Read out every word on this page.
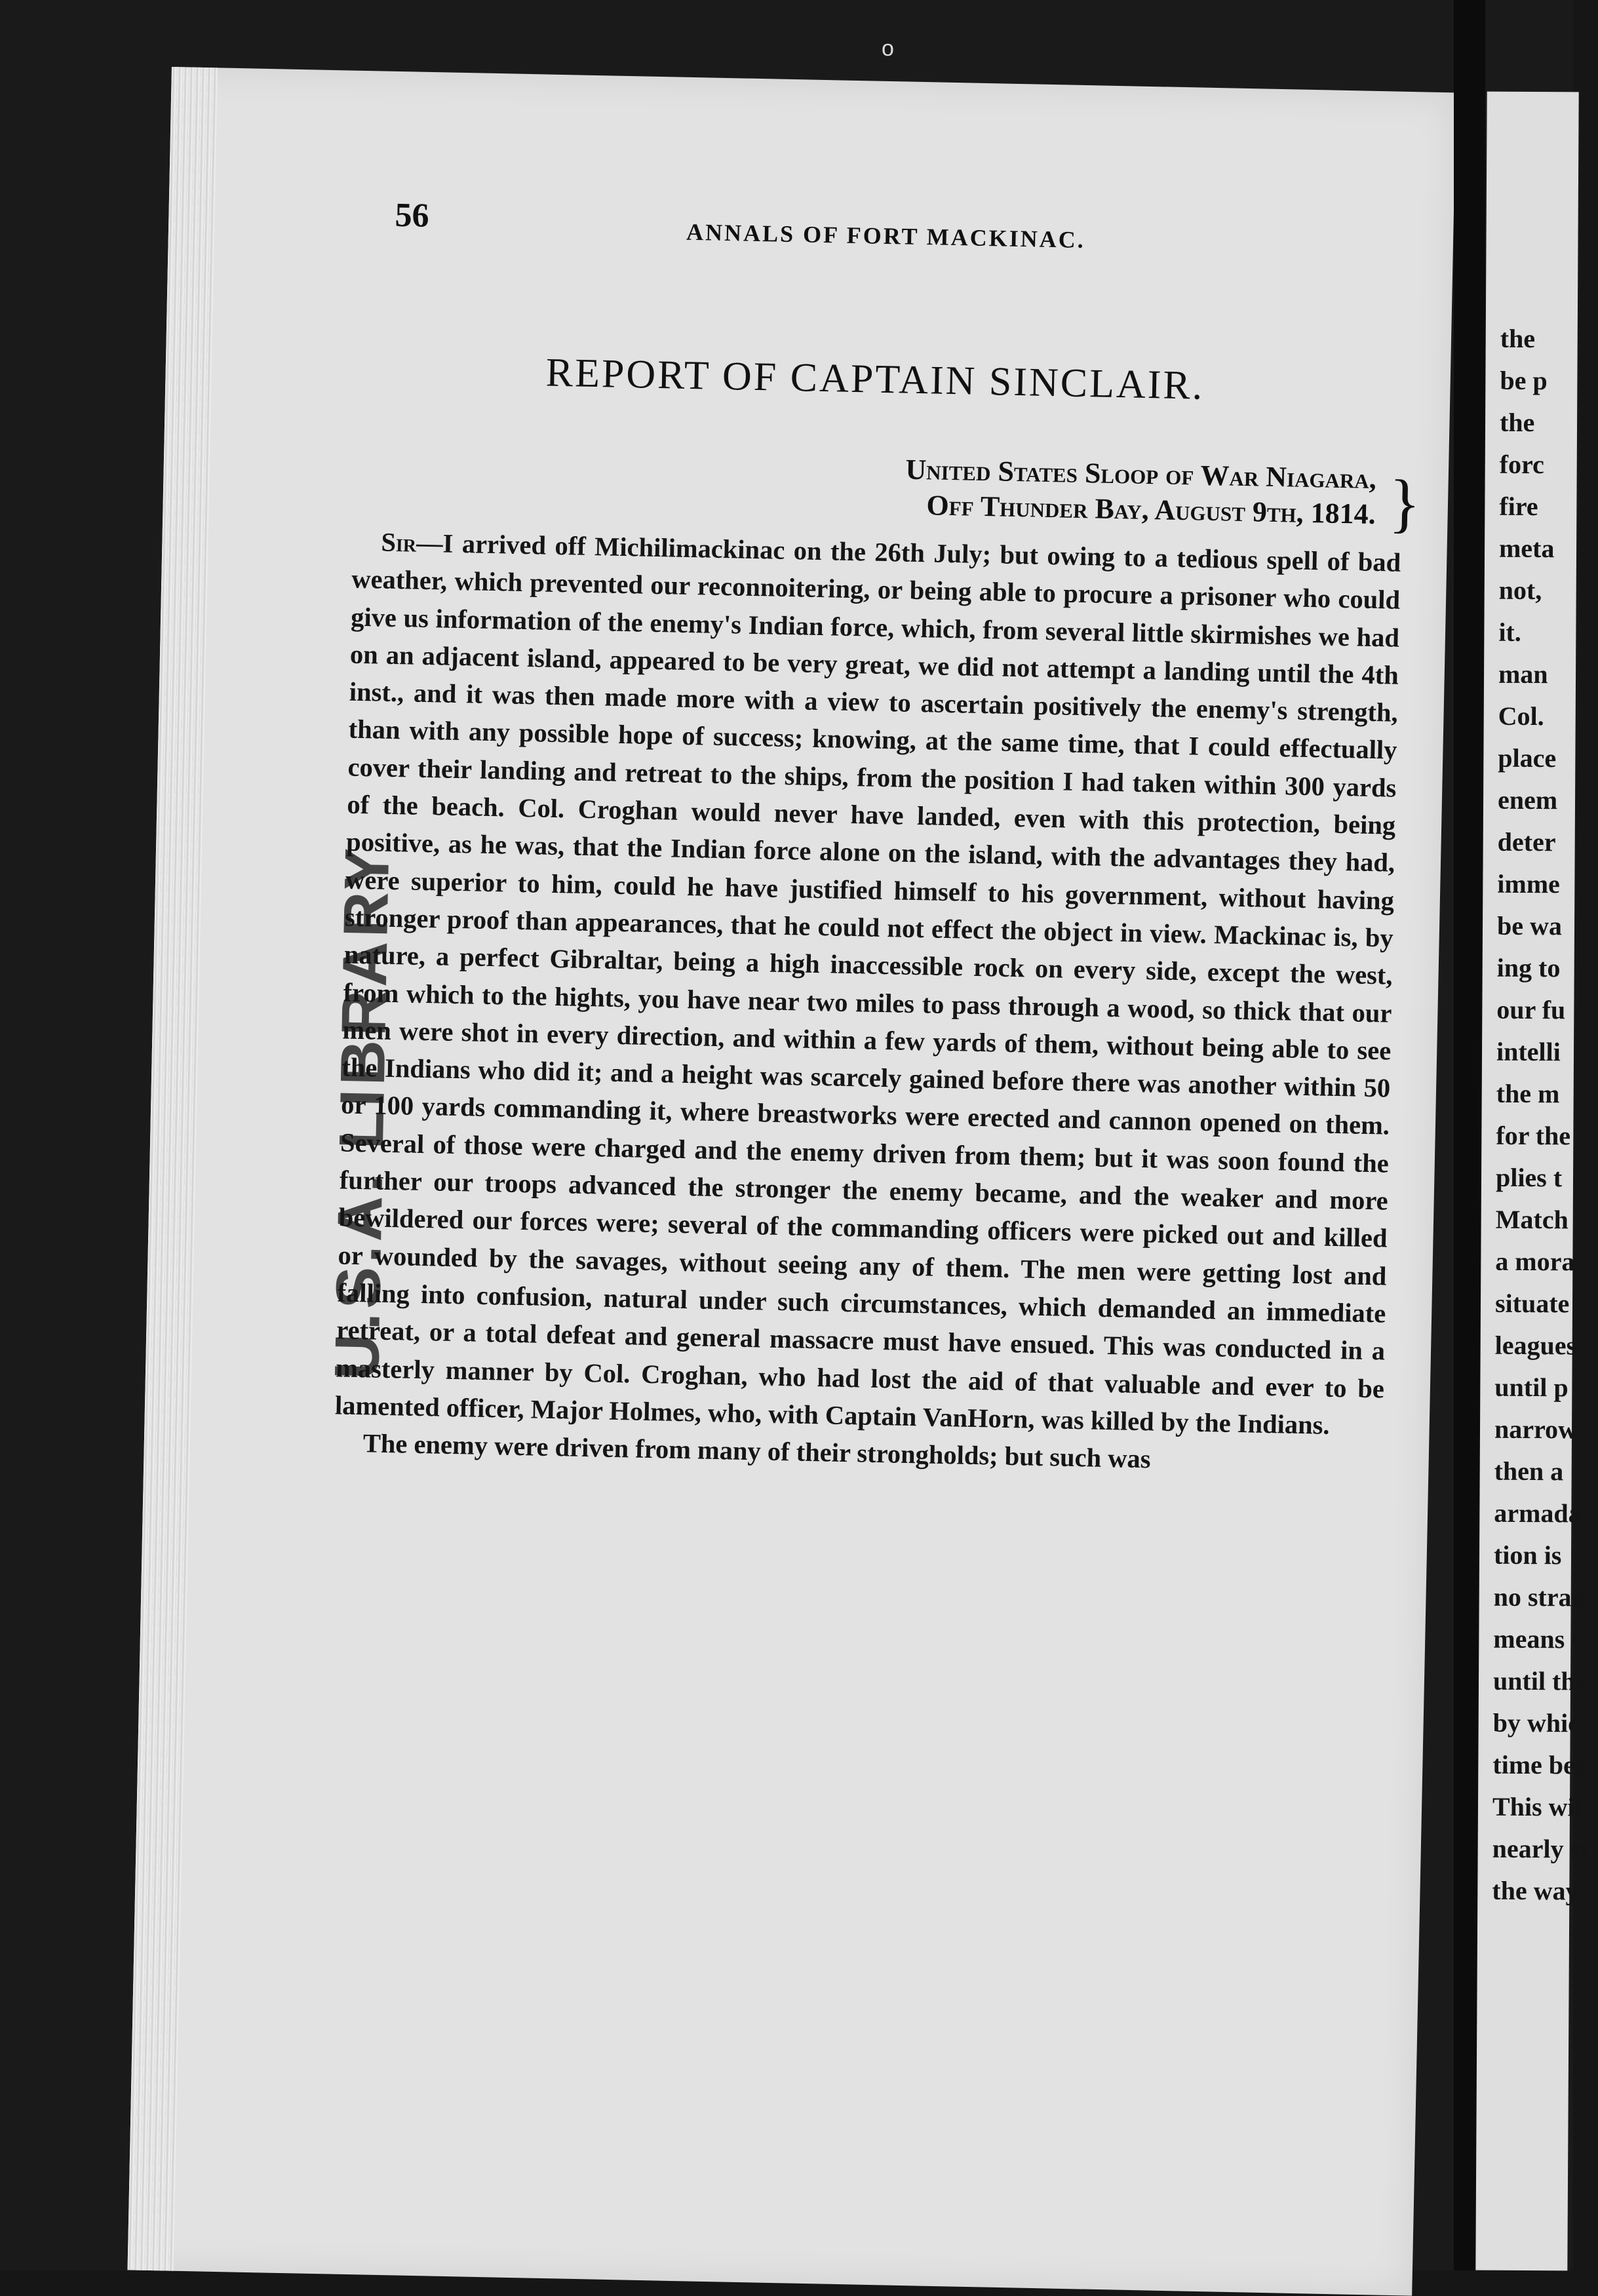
o
U.S.A. LIBRARY
56
ANNALS OF FORT MACKINAC.
REPORT OF CAPTAIN SINCLAIR.
United States Sloop of War Niagara,
Off Thunder Bay, August 9th, 1814. }

Sir—I arrived off Michilimackinac on the 26th July; but owing to a tedious spell of bad weather, which prevented our reconnoitering, or being able to procure a prisoner who could give us information of the enemy's Indian force, which, from several little skirmishes we had on an adjacent island, appeared to be very great, we did not attempt a landing until the 4th inst., and it was then made more with a view to ascertain positively the enemy's strength, than with any possible hope of success; knowing, at the same time, that I could effectually cover their landing and retreat to the ships, from the position I had taken within 300 yards of the beach. Col. Croghan would never have landed, even with this protection, being positive, as he was, that the Indian force alone on the island, with the advantages they had, were superior to him, could he have justified himself to his government, without having stronger proof than appearances, that he could not effect the object in view. Mackinac is, by nature, a perfect Gibraltar, being a high inaccessible rock on every side, except the west, from which to the hights, you have near two miles to pass through a wood, so thick that our men were shot in every direction, and within a few yards of them, without being able to see the Indians who did it; and a height was scarcely gained before there was another within 50 or 100 yards commanding it, where breastworks were erected and cannon opened on them. Several of those were charged and the enemy driven from them; but it was soon found the further our troops advanced the stronger the enemy became, and the weaker and more bewildered our forces were; several of the commanding officers were picked out and killed or wounded by the savages, without seeing any of them. The men were getting lost and falling into confusion, natural under such circumstances, which demanded an immediate retreat, or a total defeat and general massacre must have ensued. This was conducted in a masterly manner by Col. Croghan, who had lost the aid of that valuable and ever to be lamented officer, Major Holmes, who, with Captain VanHorn, was killed by the Indians.

The enemy were driven from many of their strongholds; but such was

the
be p
the
forc
fire
meta
not,
it.
man
Col.
place
enem
deter
imme
be wa
ing to
our fu
intelli
the m
for the
plies t
Match
a mora
situate
leagues
until p
narrow
then a
armada
tion is
no stran
means c
until the
by whic
time bei
This wil
nearly st
the way
